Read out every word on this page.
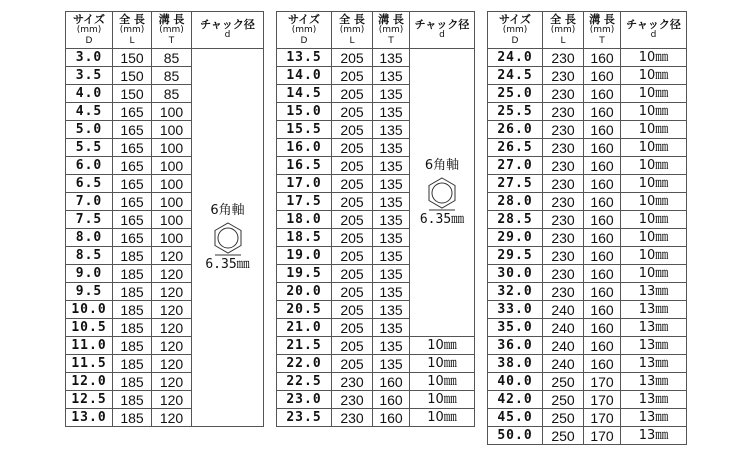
サイズ
(mm)
D	全 長
(mm)
L	溝 長
(mm)
T	チャック径
d

3.0	150	85	6角軸
6.35㎜

3.5	150	85	
4.0	150	85	
4.5	165	100	
5.0	165	100	
5.5	165	100	
6.0	165	100	
6.5	165	100	
7.0	165	100	
7.5	165	100	
8.0	165	100	
8.5	185	120	
9.0	185	120	
9.5	185	120	
10.0	185	120	
10.5	185	120	
11.0	185	120	
11.5	185	120	
12.0	185	120	
12.5	185	120	
13.0	185	120	
サイズ
(mm)
D	全 長
(mm)
L	溝 長
(mm)
T	チャック径
d

13.5	205	135	6角軸
6.35㎜

14.0	205	135	
14.5	205	135	
15.0	205	135	
15.5	205	135	
16.0	205	135	
16.5	205	135	
17.0	205	135	
17.5	205	135	
18.0	205	135	
18.5	205	135	
19.0	205	135	
19.5	205	135	
20.0	205	135	
20.5	205	135	
21.0	205	135	
21.5	205	135	10㎜
22.0	205	135	10㎜
22.5	230	160	10㎜
23.0	230	160	10㎜
23.5	230	160	10㎜
サイズ
(mm)
D	全 長
(mm)
L	溝 長
(mm)
T	チャック径
d

24.0	230	160	10㎜
24.5	230	160	10㎜
25.0	230	160	10㎜
25.5	230	160	10㎜
26.0	230	160	10㎜
26.5	230	160	10㎜
27.0	230	160	10㎜
27.5	230	160	10㎜
28.0	230	160	10㎜
28.5	230	160	10㎜
29.0	230	160	10㎜
29.5	230	160	10㎜
30.0	230	160	10㎜
32.0	230	160	13㎜
33.0	240	160	13㎜
35.0	240	160	13㎜
36.0	240	160	13㎜
38.0	240	160	13㎜
40.0	250	170	13㎜
42.0	250	170	13㎜
45.0	250	170	13㎜
50.0	250	170	13㎜
